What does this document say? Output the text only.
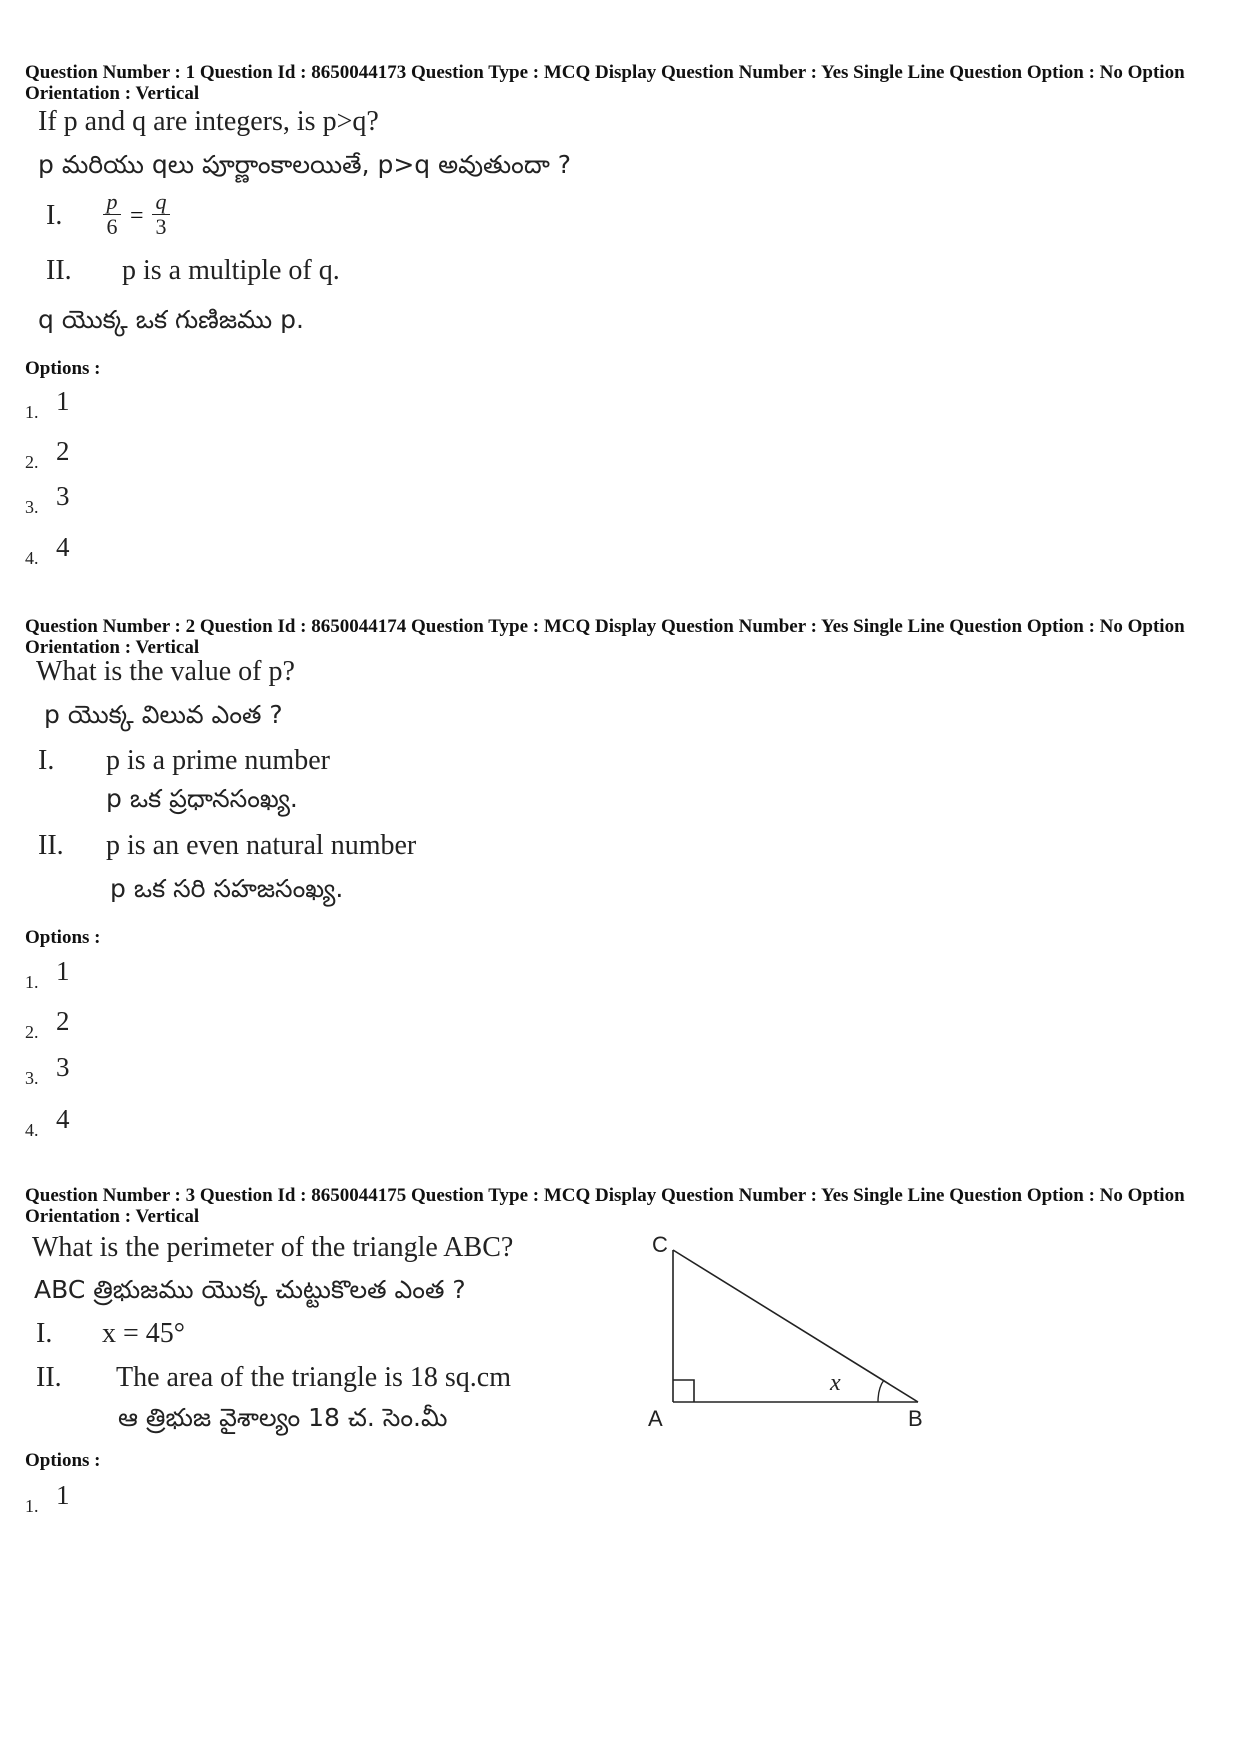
Question Number : 1 Question Id : 8650044173 Question Type : MCQ Display Question Number : Yes Single Line Question Option : No Option Orientation : Vertical
If p and q are integers, is p>q?
p మరియు qలు పూర్ణాంకాలయితే, p>q అవుతుందా ?
I. p
6 =
q
3
II. p is a multiple of q.
q యొక్క ఒక గుణిజము p.
Options :
1. 1
2. 2
3. 3
4. 4
Question Number : 2 Question Id : 8650044174 Question Type : MCQ Display Question Number : Yes Single Line Question Option : No Option Orientation : Vertical
What is the value of p?
p యొక్క విలువ ఎంత ?
I. p is a prime number
p ఒక ప్రధానసంఖ్య.
II. p is an even natural number
p ఒక సరి సహజసంఖ్య.
Options :
1. 1
2. 2
3. 3
4. 4
Question Number : 3 Question Id : 8650044175 Question Type : MCQ Display Question Number : Yes Single Line Question Option : No Option Orientation : Vertical
What is the perimeter of the triangle ABC?
ABC త్రిభుజము యొక్క చుట్టుకొలత ఎంత ?
I. x = 45°
II. The area of the triangle is 18 sq.cm
ఆ త్రిభుజ వైశాల్యం 18 చ. సెం.మీ
C
A	B
x
Options :
1. 1
